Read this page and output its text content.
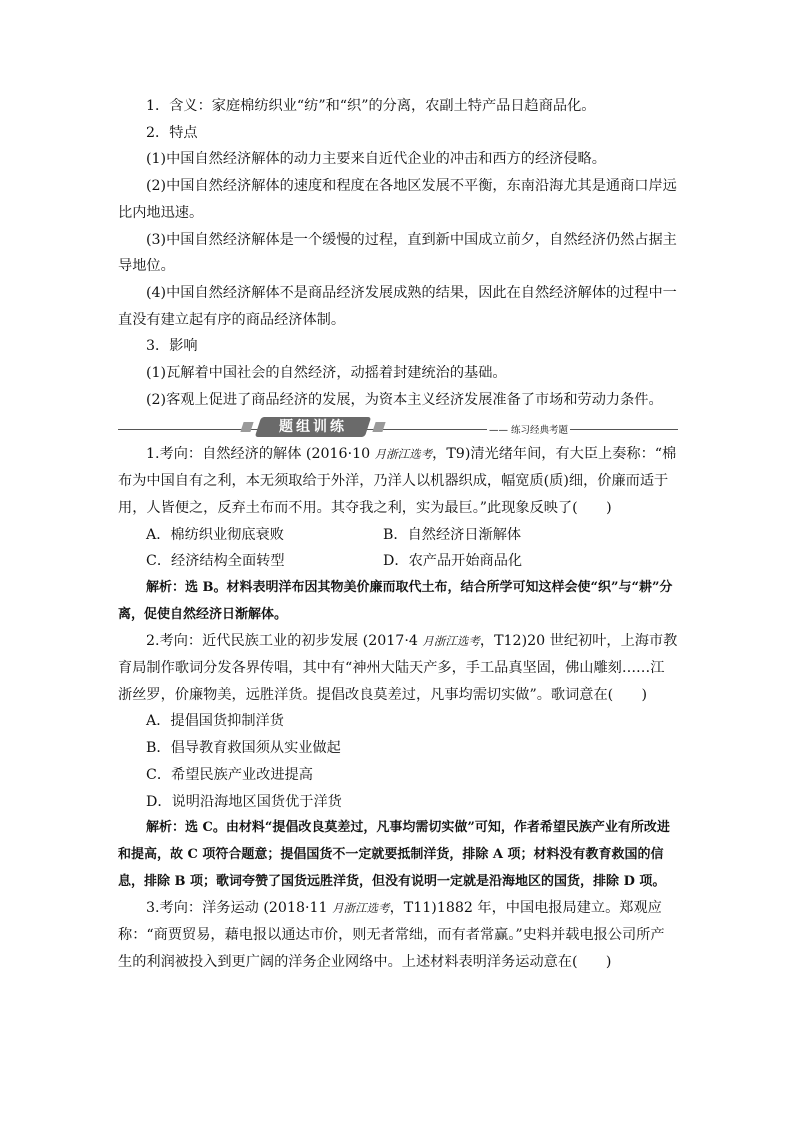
1．含义：家庭棉纺织业“纺”和“织”的分离，农副土特产品日趋商品化。

2．特点

(1)中国自然经济解体的动力主要来自近代企业的冲击和西方的经济侵略。

(2)中国自然经济解体的速度和程度在各地区发展不平衡，东南沿海尤其是通商口岸远比内地迅速。

(3)中国自然经济解体是一个缓慢的过程，直到新中国成立前夕，自然经济仍然占据主导地位。

(4)中国自然经济解体不是商品经济发展成熟的结果，因此在自然经济解体的过程中一直没有建立起有序的商品经济体制。

3．影响

(1)瓦解着中国社会的自然经济，动摇着封建统治的基础。

(2)客观上促进了商品经济的发展，为资本主义经济发展准备了市场和劳动力条件。

题组训练	—— 练习经典考题

1.考向：自然经济的解体 (2016·10 月浙江选考，T9)清光绪年间，有大臣上奏称：“棉布为中国自有之利，本无须取给于外洋，乃洋人以机器织成，幅宽质(质)细，价廉而适于用，人皆便之，反弃土布而不用。其夺我之利，实为最巨。”此现象反映了(　　)

A．棉纺织业彻底衰败	B．自然经济日渐解体
C．经济结构全面转型	D．农产品开始商品化

解析：选 B。材料表明洋布因其物美价廉而取代土布，结合所学可知这样会使“织”与“耕”分离，促使自然经济日渐解体。

2.考向：近代民族工业的初步发展 (2017·4 月浙江选考，T12)20 世纪初叶，上海市教育局制作歌词分发各界传唱，其中有“神州大陆天产多，手工品真坚固，佛山雕刻……江浙丝罗，价廉物美，远胜洋货。提倡改良莫差过，凡事均需切实做”。歌词意在(　　)

A．提倡国货抑制洋货

B．倡导教育救国须从实业做起

C．希望民族产业改进提高

D．说明沿海地区国货优于洋货

解析：选 C。由材料“提倡改良莫差过，凡事均需切实做”可知，作者希望民族产业有所改进和提高，故 C 项符合题意；提倡国货不一定就要抵制洋货，排除 A 项；材料没有教育救国的信息，排除 B 项；歌词夸赞了国货远胜洋货，但没有说明一定就是沿海地区的国货，排除 D 项。

3.考向：洋务运动 (2018·11 月浙江选考，T11)1882 年，中国电报局建立。郑观应称：“商贾贸易，藉电报以通达市价，则无者常绌，而有者常赢。”史料并载电报公司所产生的利润被投入到更广阔的洋务企业网络中。上述材料表明洋务运动意在(　　)
